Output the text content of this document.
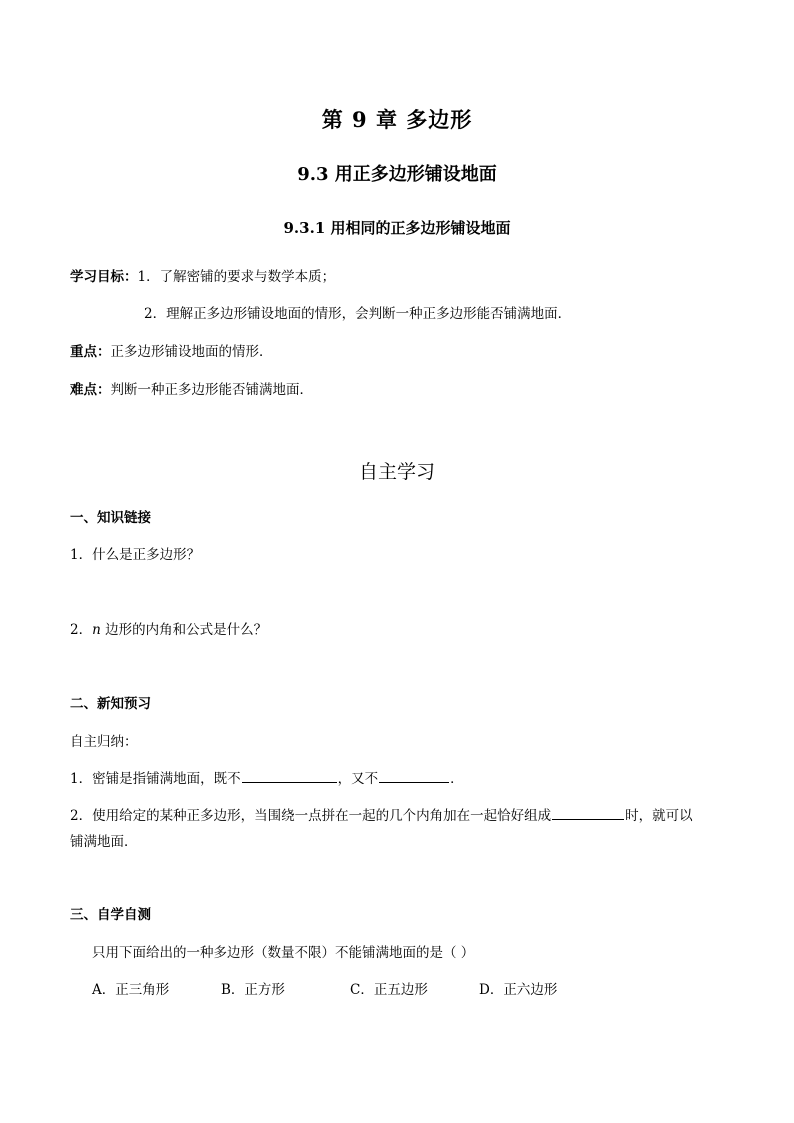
第 9 章 多边形
9.3 用正多边形铺设地面
9.3.1 用相同的正多边形铺设地面
学习目标：1．了解密铺的要求与数学本质；
2．理解正多边形铺设地面的情形，会判断一种正多边形能否铺满地面．
重点：正多边形铺设地面的情形．
难点：判断一种正多边形能否铺满地面．
自主学习
一、知识链接
1．什么是正多边形？
2．n 边形的内角和公式是什么？
二、新知预习
自主归纳：
1．密铺是指铺满地面，既不	，又不	．
2．使用给定的某种正多边形，当围绕一点拼在一起的几个内角加在一起恰好组成	时，就可以
铺满地面．
三、自学自测
只用下面给出的一种多边形（数量不限）不能铺满地面的是（ ）
A．正三角形	B．正方形	C．正五边形	D．正六边形
